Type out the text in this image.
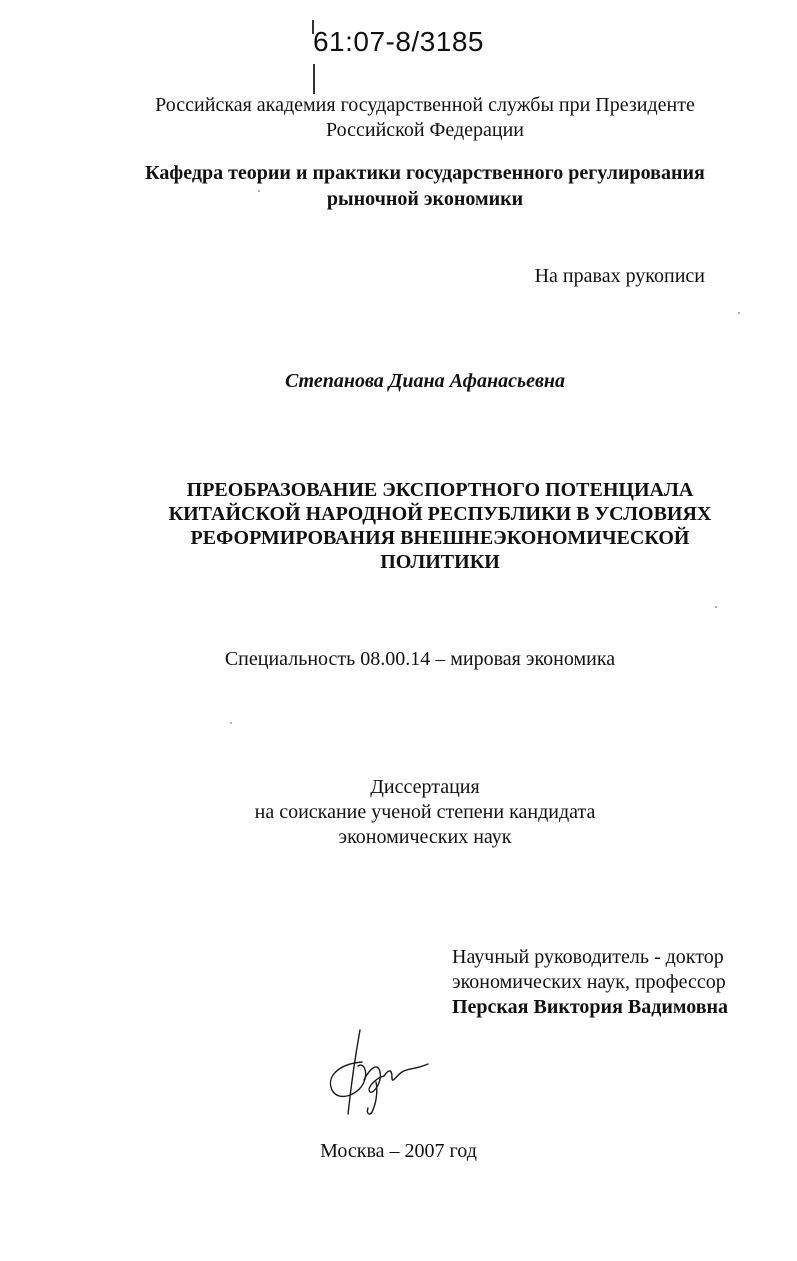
61:07-8/3185
Российская академия государственной службы при Президенте
Российской Федерации
Кафедра теории и практики государственного регулирования
рыночной экономики
На правах рукописи
Степанова Диана Афанасьевна
ПРЕОБРАЗОВАНИЕ ЭКСПОРТНОГО ПОТЕНЦИАЛА
КИТАЙСКОЙ НАРОДНОЙ РЕСПУБЛИКИ В УСЛОВИЯХ
РЕФОРМИРОВАНИЯ ВНЕШНЕЭКОНОМИЧЕСКОЙ
ПОЛИТИКИ
Специальность 08.00.14 – мировая экономика
Диссертация
на соискание ученой степени кандидата
экономических наук
Научный руководитель - доктор
экономических наук, профессор
Перская Виктория Вадимовна
Москва – 2007 год
